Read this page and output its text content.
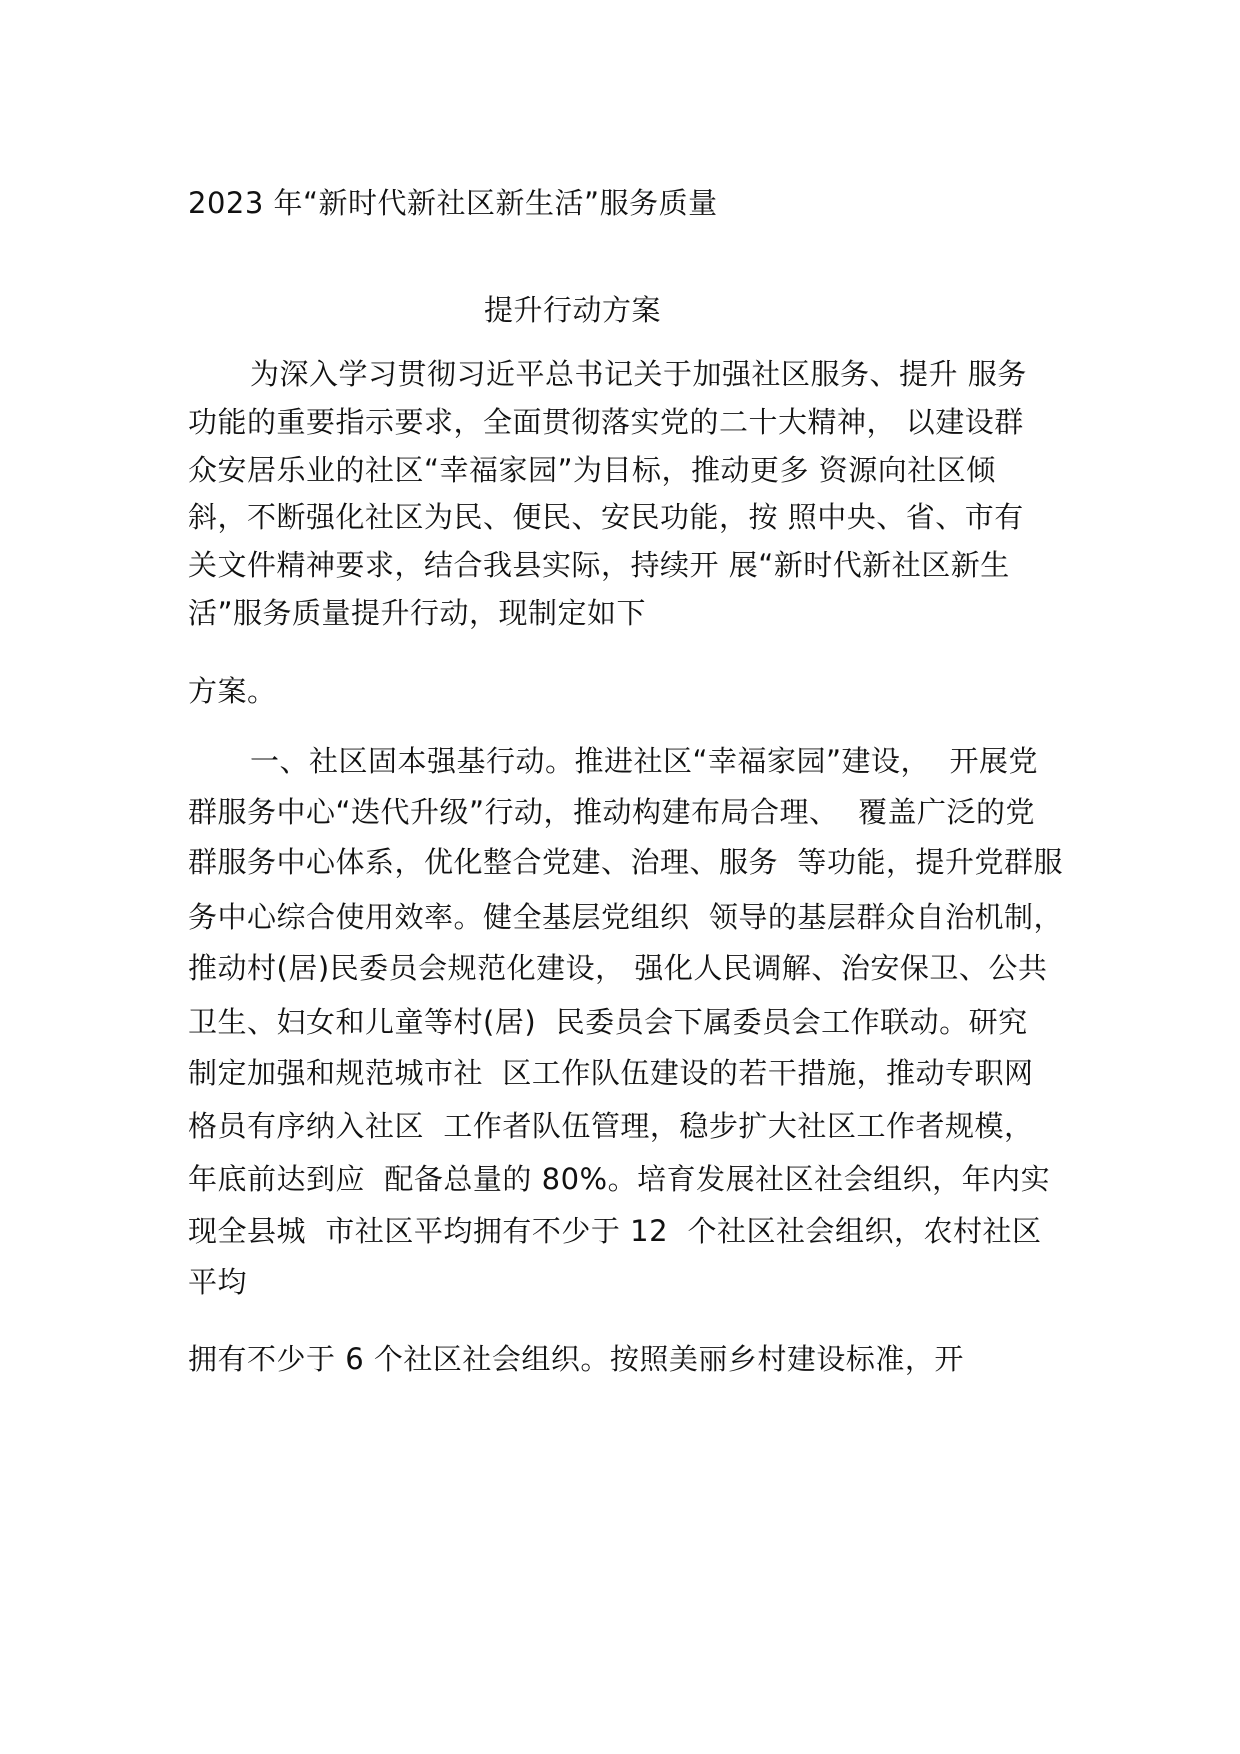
2023 年“新时代新社区新生活”服务质量
提升行动方案
为深入学习贯彻习近平总书记关于加强社区服务、提升 服务
功能的重要指示要求，全面贯彻落实党的二十大精神， 以建设群
众安居乐业的社区“幸福家园”为目标，推动更多 资源向社区倾
斜，不断强化社区为民、便民、安民功能，按 照中央、省、市有
关文件精神要求，结合我县实际，持续开 展“新时代新社区新生
活”服务质量提升行动，现制定如下
方案。
一、社区固本强基行动。推进社区“幸福家园”建设，  开展党
群服务中心“迭代升级”行动，推动构建布局合理、  覆盖广泛的党
群服务中心体系，优化整合党建、治理、服务  等功能，提升党群服
务中心综合使用效率。健全基层党组织  领导的基层群众自治机制，
推动村(居)民委员会规范化建设， 强化人民调解、治安保卫、公共
卫生、妇女和儿童等村(居)  民委员会下属委员会工作联动。研究
制定加强和规范城市社  区工作队伍建设的若干措施，推动专职网
格员有序纳入社区  工作者队伍管理，稳步扩大社区工作者规模，
年底前达到应  配备总量的 80%。培育发展社区社会组织，年内实
现全县城  市社区平均拥有不少于 12  个社区社会组织，农村社区
平均
拥有不少于 6 个社区社会组织。按照美丽乡村建设标准，开
